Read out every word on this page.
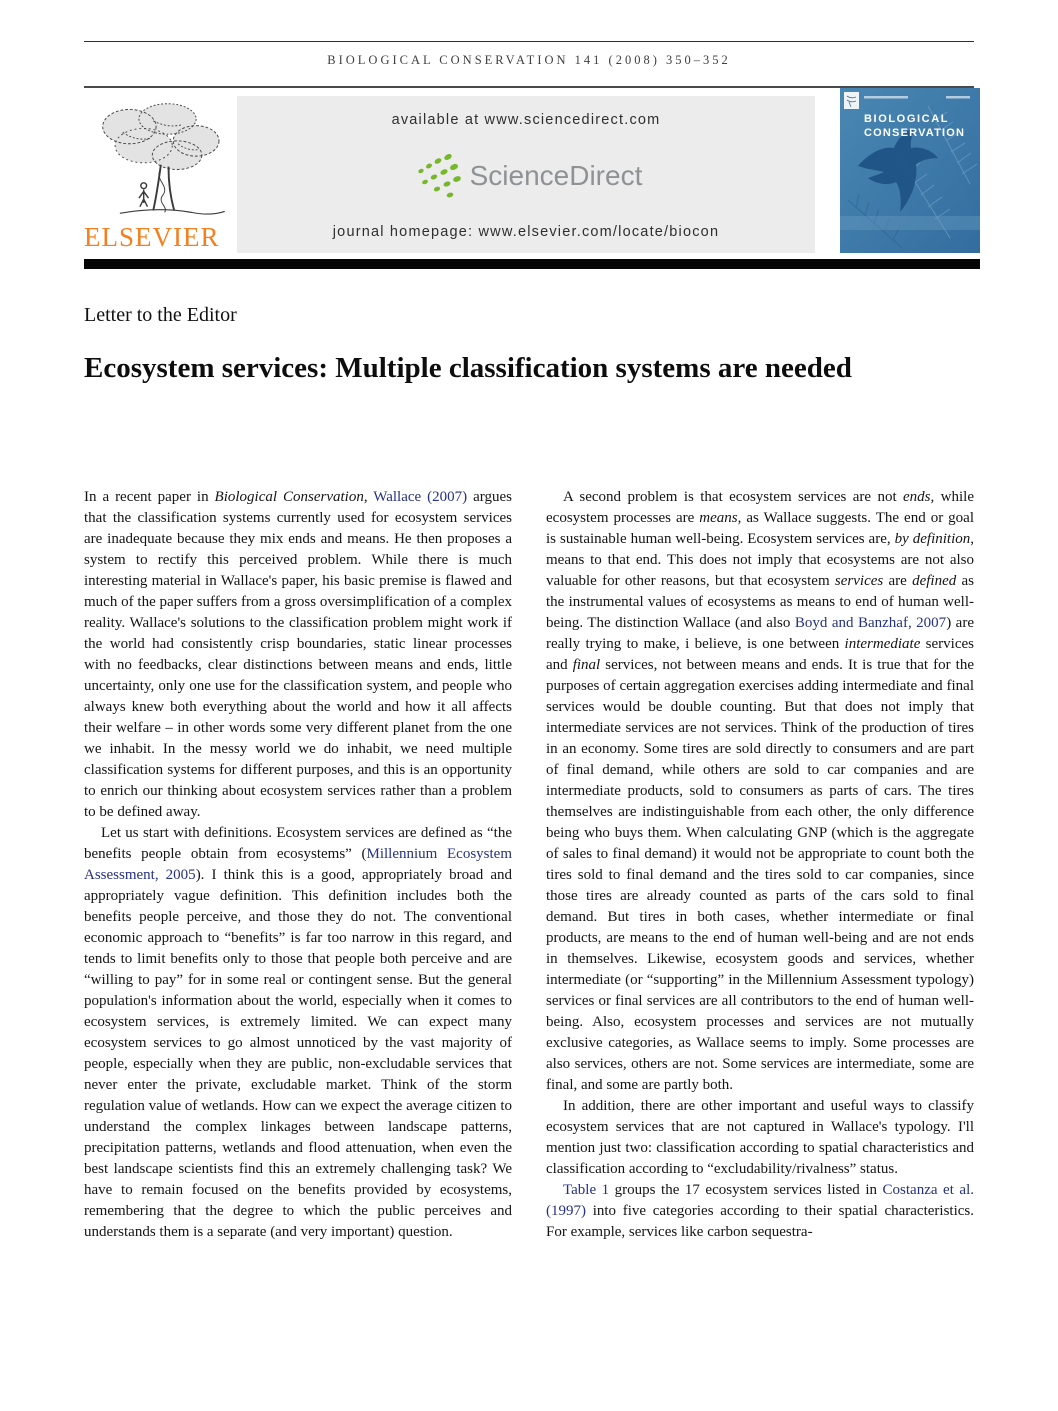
BIOLOGICAL CONSERVATION 141 (2008) 350–352
ELSEVIER
available at www.sciencedirect.com
ScienceDirect
journal homepage: www.elsevier.com/locate/biocon
BIOLOGICAL
CONSERVATION
Letter to the Editor
Ecosystem services: Multiple classification systems are needed

In a recent paper in Biological Conservation, Wallace (2007) argues that the classification systems currently used for ecosystem services are inadequate because they mix ends and means. He then proposes a system to rectify this perceived problem. While there is much interesting material in Wallace's paper, his basic premise is flawed and much of the paper suffers from a gross oversimplification of a complex reality. Wallace's solutions to the classification problem might work if the world had consistently crisp boundaries, static linear processes with no feedbacks, clear distinctions between means and ends, little uncertainty, only one use for the classification system, and people who always knew both everything about the world and how it all affects their welfare – in other words some very different planet from the one we inhabit. In the messy world we do inhabit, we need multiple classification systems for different purposes, and this is an opportunity to enrich our thinking about ecosystem services rather than a problem to be defined away.

Let us start with definitions. Ecosystem services are defined as “the benefits people obtain from ecosystems” (Millennium Ecosystem Assessment, 2005). I think this is a good, appropriately broad and appropriately vague definition. This definition includes both the benefits people perceive, and those they do not. The conventional economic approach to “benefits” is far too narrow in this regard, and tends to limit benefits only to those that people both perceive and are “willing to pay” for in some real or contingent sense. But the general population's information about the world, especially when it comes to ecosystem services, is extremely limited. We can expect many ecosystem services to go almost unnoticed by the vast majority of people, especially when they are public, non-excludable services that never enter the private, excludable market. Think of the storm regulation value of wetlands. How can we expect the average citizen to understand the complex linkages between landscape patterns, precipitation patterns, wetlands and flood attenuation, when even the best landscape scientists find this an extremely challenging task? We have to remain focused on the benefits provided by ecosystems, remembering that the degree to which the public perceives and understands them is a separate (and very important) question.

A second problem is that ecosystem services are not ends, while ecosystem processes are means, as Wallace suggests. The end or goal is sustainable human well-being. Ecosystem services are, by definition, means to that end. This does not imply that ecosystems are not also valuable for other reasons, but that ecosystem services are defined as the instrumental values of ecosystems as means to end of human well-being. The distinction Wallace (and also Boyd and Banzhaf, 2007) are really trying to make, i believe, is one between intermediate services and final services, not between means and ends. It is true that for the purposes of certain aggregation exercises adding intermediate and final services would be double counting. But that does not imply that intermediate services are not services. Think of the production of tires in an economy. Some tires are sold directly to consumers and are part of final demand, while others are sold to car companies and are intermediate products, sold to consumers as parts of cars. The tires themselves are indistinguishable from each other, the only difference being who buys them. When calculating GNP (which is the aggregate of sales to final demand) it would not be appropriate to count both the tires sold to final demand and the tires sold to car companies, since those tires are already counted as parts of the cars sold to final demand. But tires in both cases, whether intermediate or final products, are means to the end of human well-being and are not ends in themselves. Likewise, ecosystem goods and services, whether intermediate (or “supporting” in the Millennium Assessment typology) services or final services are all contributors to the end of human well-being. Also, ecosystem processes and services are not mutually exclusive categories, as Wallace seems to imply. Some processes are also services, others are not. Some services are intermediate, some are final, and some are partly both.

In addition, there are other important and useful ways to classify ecosystem services that are not captured in Wallace's typology. I'll mention just two: classification according to spatial characteristics and classification according to “excludability/rivalness” status.

Table 1 groups the 17 ecosystem services listed in Costanza et al. (1997) into five categories according to their spatial characteristics. For example, services like carbon sequestra-
